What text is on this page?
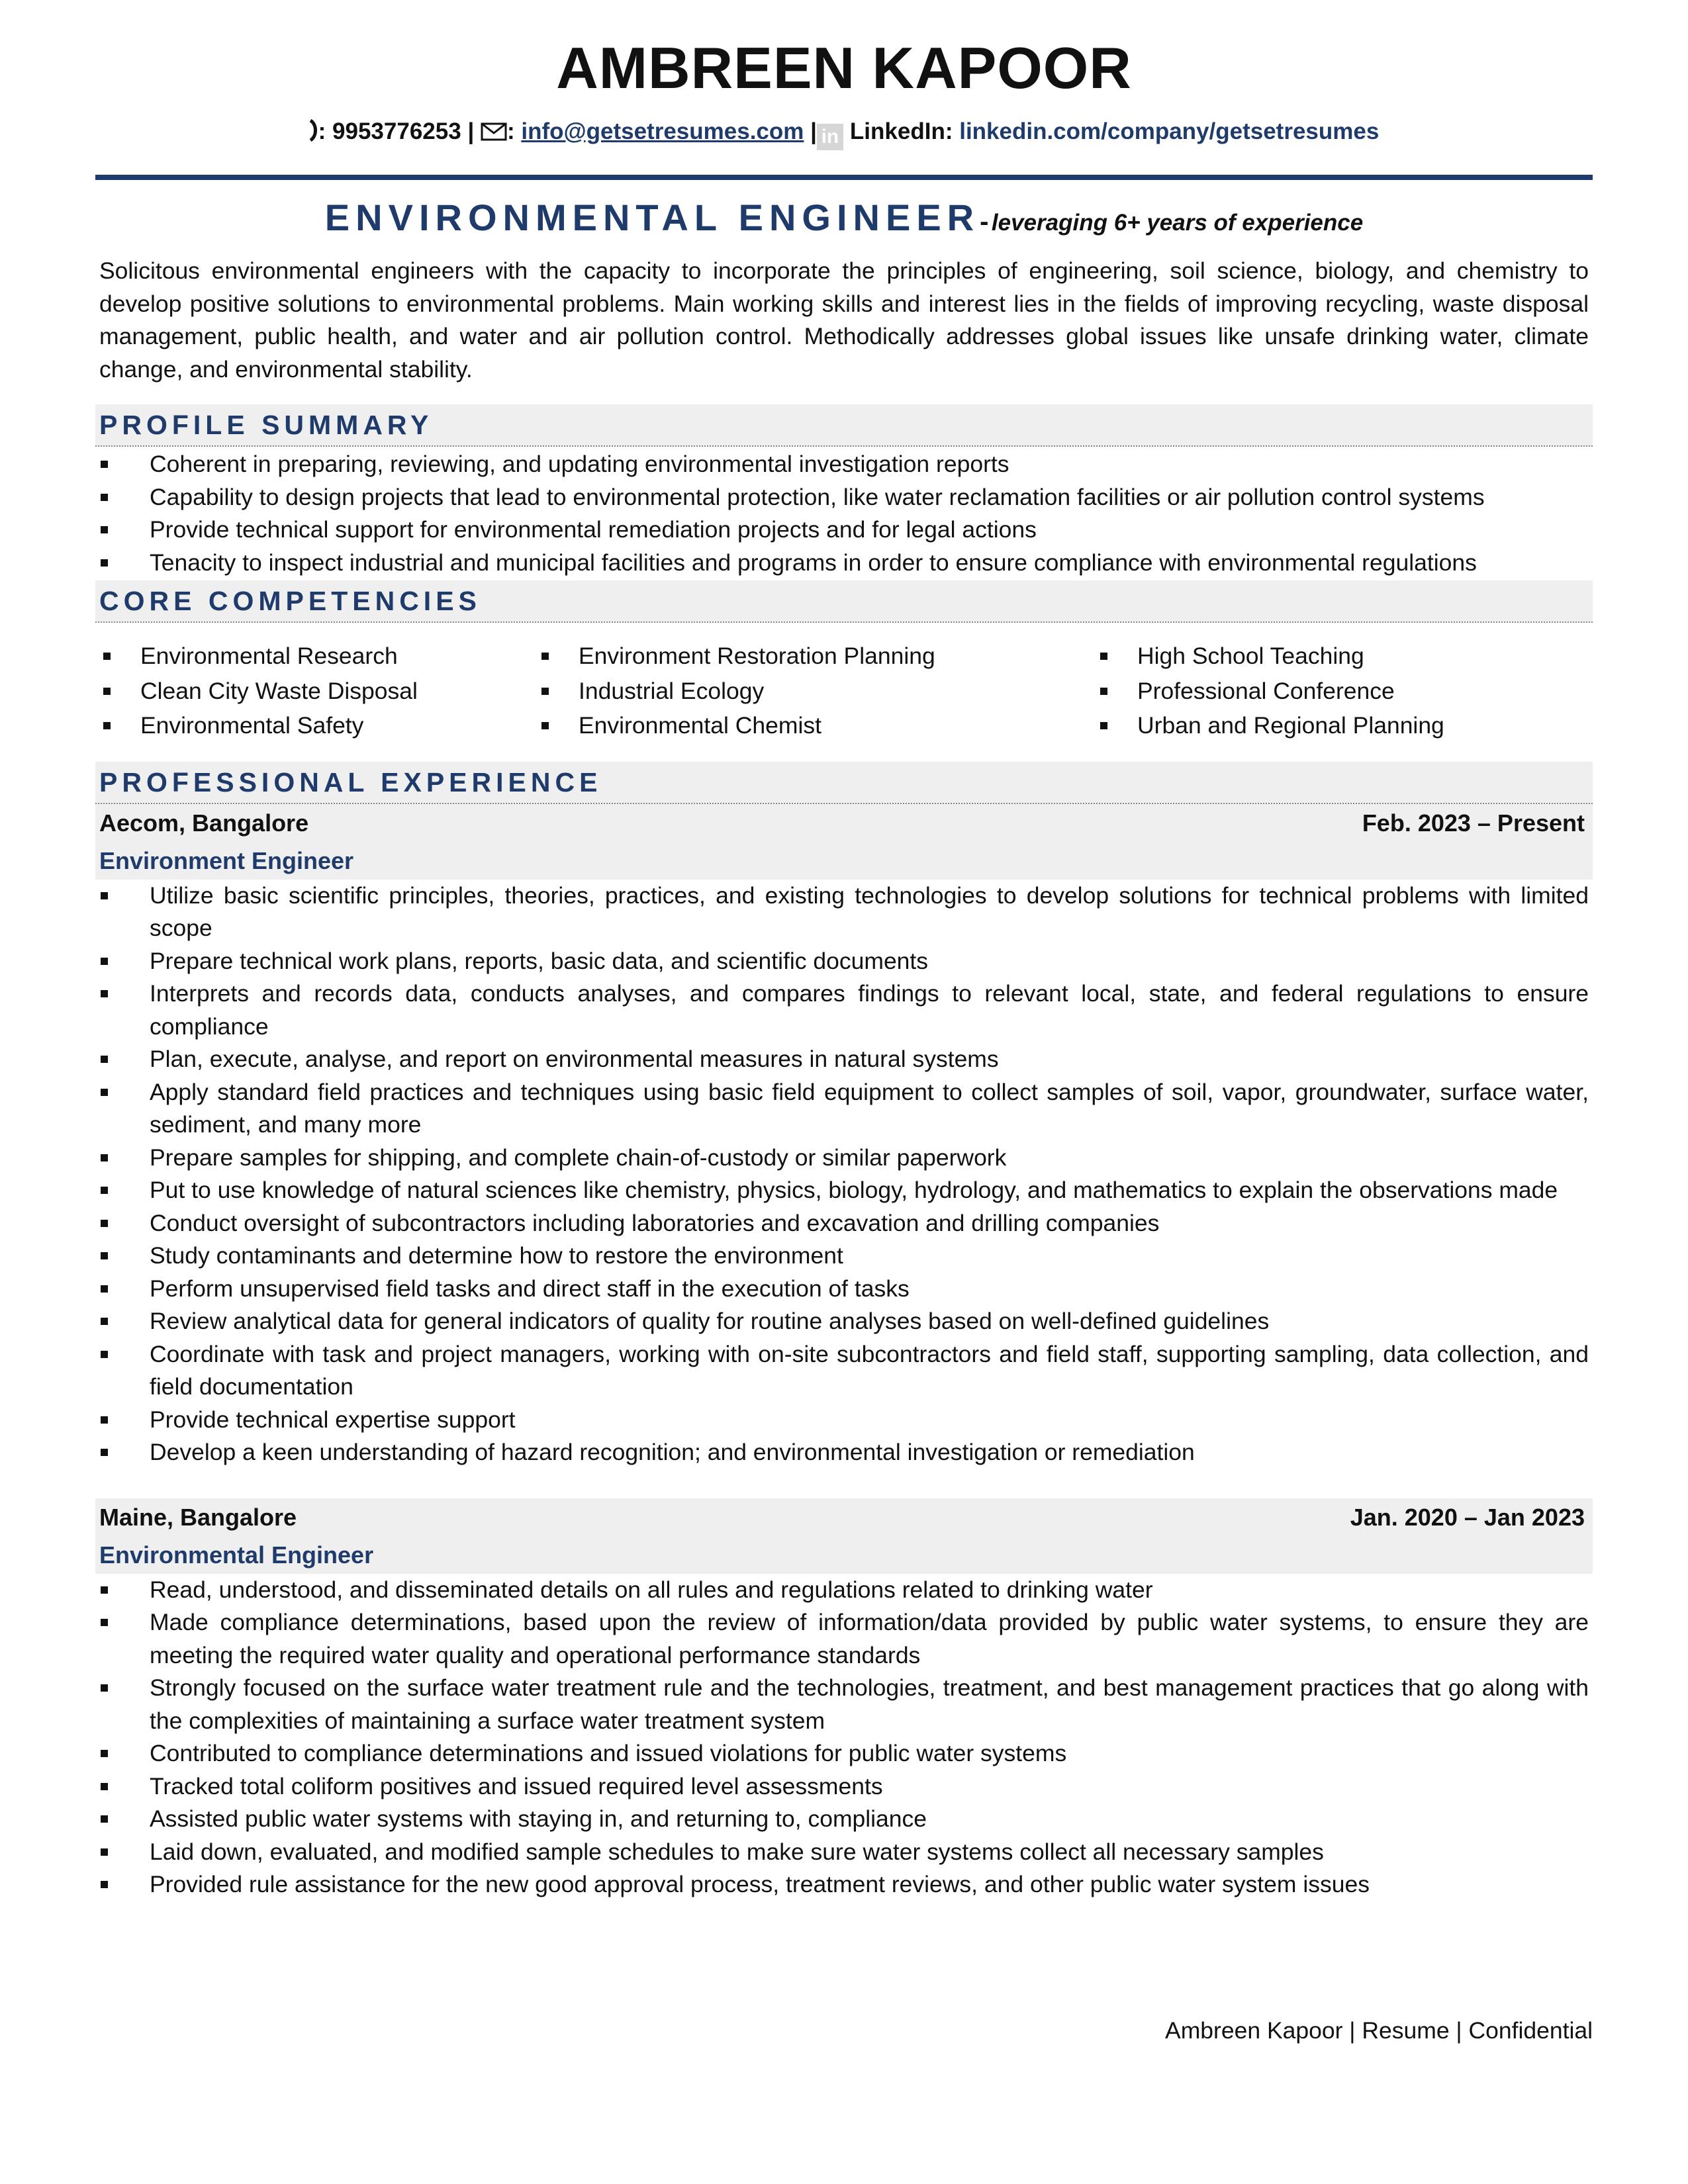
AMBREEN KAPOOR
: 9953776253 | : info@getsetresumes.com | in LinkedIn: linkedin.com/company/getsetresumes
ENVIRONMENTAL ENGINEER- leveraging 6+ years of experience

Solicitous environmental engineers with the capacity to incorporate the principles of engineering, soil science, biology, and chemistry to develop positive solutions to environmental problems. Main working skills and interest lies in the fields of improving recycling, waste disposal management, public health, and water and air pollution control. Methodically addresses global issues like unsafe drinking water, climate change, and environmental stability.

PROFILE SUMMARY
Coherent in preparing, reviewing, and updating environmental investigation reports
Capability to design projects that lead to environmental protection, like water reclamation facilities or air pollution control systems
Provide technical support for environmental remediation projects and for legal actions
Tenacity to inspect industrial and municipal facilities and programs in order to ensure compliance with environmental regulations
CORE COMPETENCIES
Environmental Research
Clean City Waste Disposal
Environmental Safety
Environment Restoration Planning
Industrial Ecology
Environmental Chemist
High School Teaching
Professional Conference
Urban and Regional Planning
PROFESSIONAL EXPERIENCE
Aecom, Bangalore	Feb. 2023 – Present
Environment Engineer
Utilize basic scientific principles, theories, practices, and existing technologies to develop solutions for technical problems with limited scope
Prepare technical work plans, reports, basic data, and scientific documents
Interprets and records data, conducts analyses, and compares findings to relevant local, state, and federal regulations to ensure compliance
Plan, execute, analyse, and report on environmental measures in natural systems
Apply standard field practices and techniques using basic field equipment to collect samples of soil, vapor, groundwater, surface water, sediment, and many more
Prepare samples for shipping, and complete chain-of-custody or similar paperwork
Put to use knowledge of natural sciences like chemistry, physics, biology, hydrology, and mathematics to explain the observations made
Conduct oversight of subcontractors including laboratories and excavation and drilling companies
Study contaminants and determine how to restore the environment
Perform unsupervised field tasks and direct staff in the execution of tasks
Review analytical data for general indicators of quality for routine analyses based on well-defined guidelines
Coordinate with task and project managers, working with on-site subcontractors and field staff, supporting sampling, data collection, and field documentation
Provide technical expertise support
Develop a keen understanding of hazard recognition; and environmental investigation or remediation
Maine, Bangalore	Jan. 2020 – Jan 2023
Environmental Engineer
Read, understood, and disseminated details on all rules and regulations related to drinking water
Made compliance determinations, based upon the review of information/data provided by public water systems, to ensure they are meeting the required water quality and operational performance standards
Strongly focused on the surface water treatment rule and the technologies, treatment, and best management practices that go along with the complexities of maintaining a surface water treatment system
Contributed to compliance determinations and issued violations for public water systems
Tracked total coliform positives and issued required level assessments
Assisted public water systems with staying in, and returning to, compliance
Laid down, evaluated, and modified sample schedules to make sure water systems collect all necessary samples
Provided rule assistance for the new good approval process, treatment reviews, and other public water system issues
Ambreen Kapoor | Resume | Confidential
